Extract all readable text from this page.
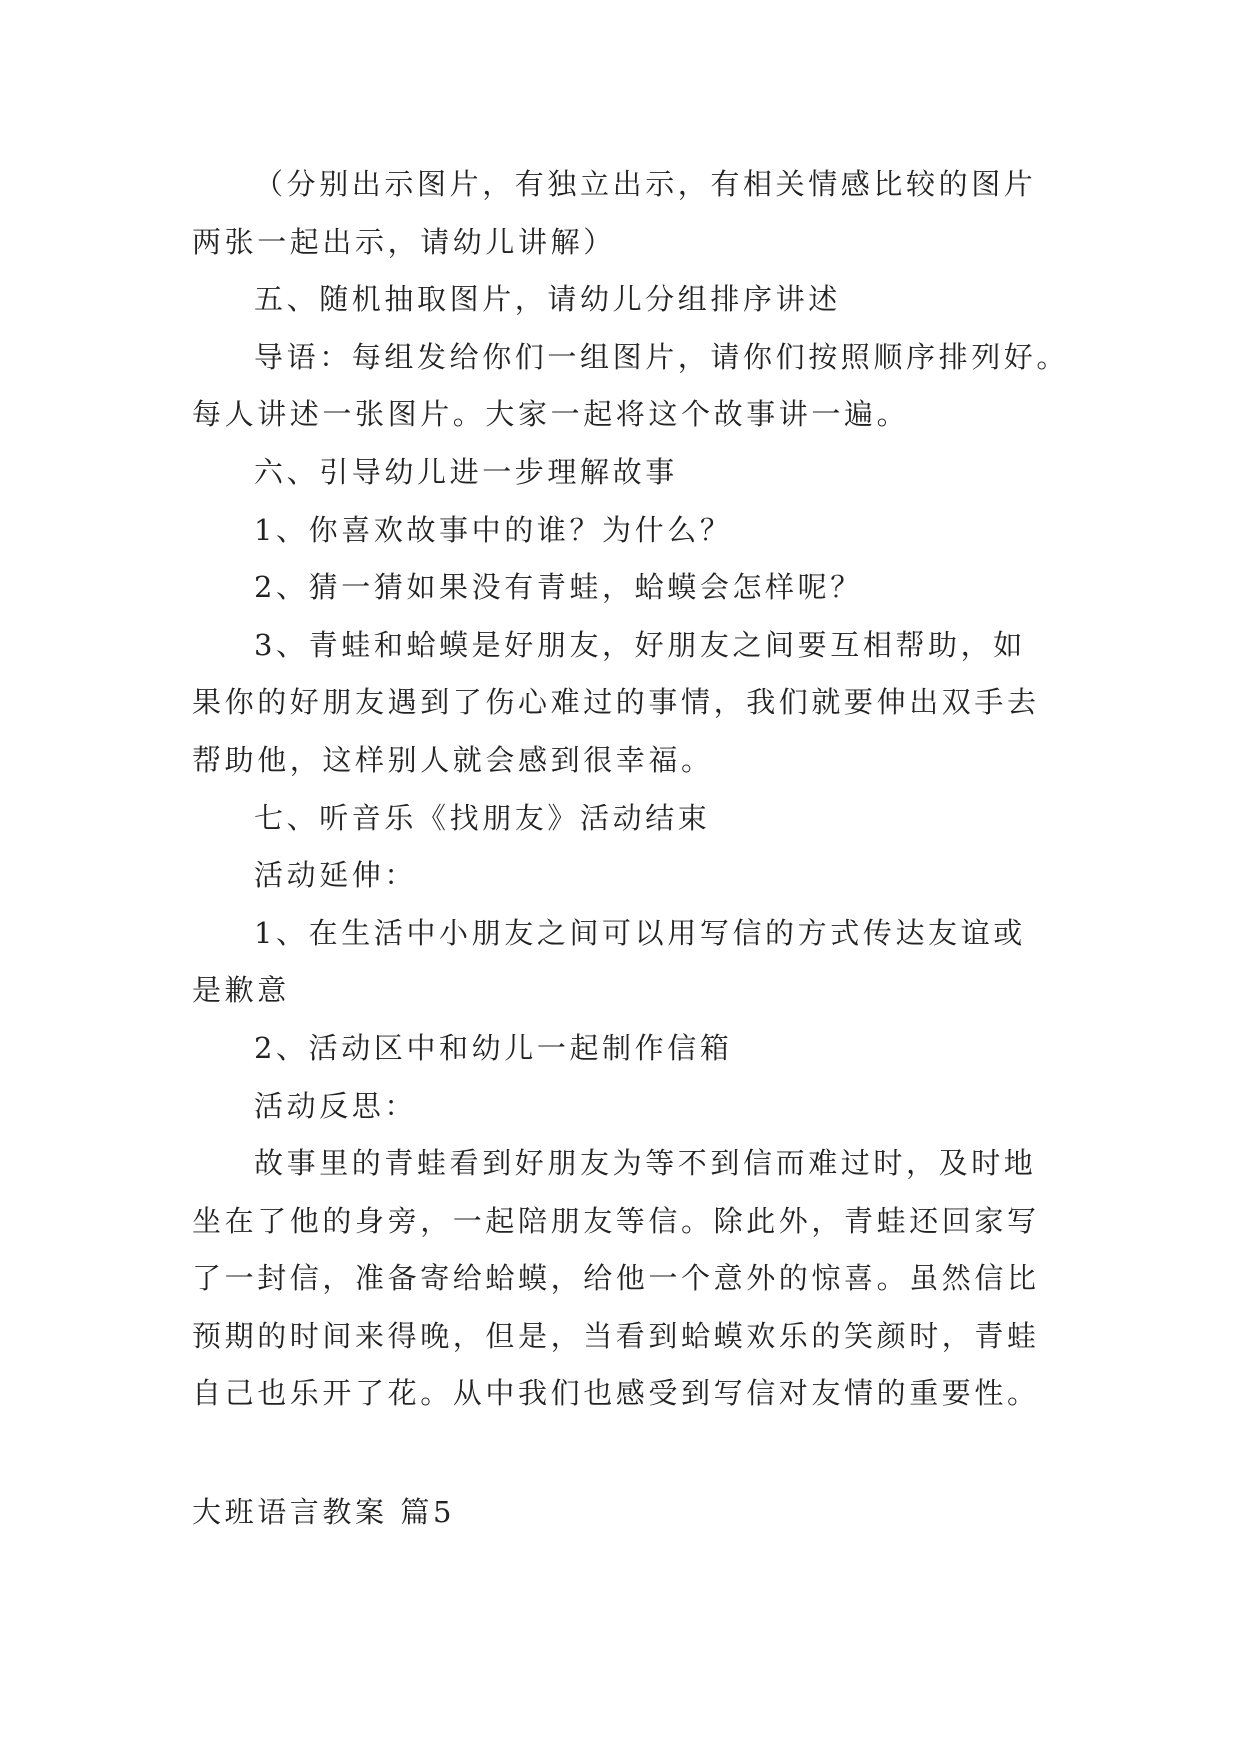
（分别出示图片，有独立出示，有相关情感比较的图片
两张一起出示，请幼儿讲解）
五、随机抽取图片，请幼儿分组排序讲述
导语：每组发给你们一组图片，请你们按照顺序排列好。
每人讲述一张图片。大家一起将这个故事讲一遍。
六、引导幼儿进一步理解故事
1、你喜欢故事中的谁？为什么？
2、猜一猜如果没有青蛙，蛤蟆会怎样呢？
3、青蛙和蛤蟆是好朋友，好朋友之间要互相帮助，如
果你的好朋友遇到了伤心难过的事情，我们就要伸出双手去
帮助他，这样别人就会感到很幸福。
七、听音乐《找朋友》活动结束
活动延伸：
1、在生活中小朋友之间可以用写信的方式传达友谊或
是歉意
2、活动区中和幼儿一起制作信箱
活动反思：
故事里的青蛙看到好朋友为等不到信而难过时，及时地
坐在了他的身旁，一起陪朋友等信。除此外，青蛙还回家写
了一封信，准备寄给蛤蟆，给他一个意外的惊喜。虽然信比
预期的时间来得晚，但是，当看到蛤蟆欢乐的笑颜时，青蛙
自己也乐开了花。从中我们也感受到写信对友情的重要性。
大班语言教案 篇5
